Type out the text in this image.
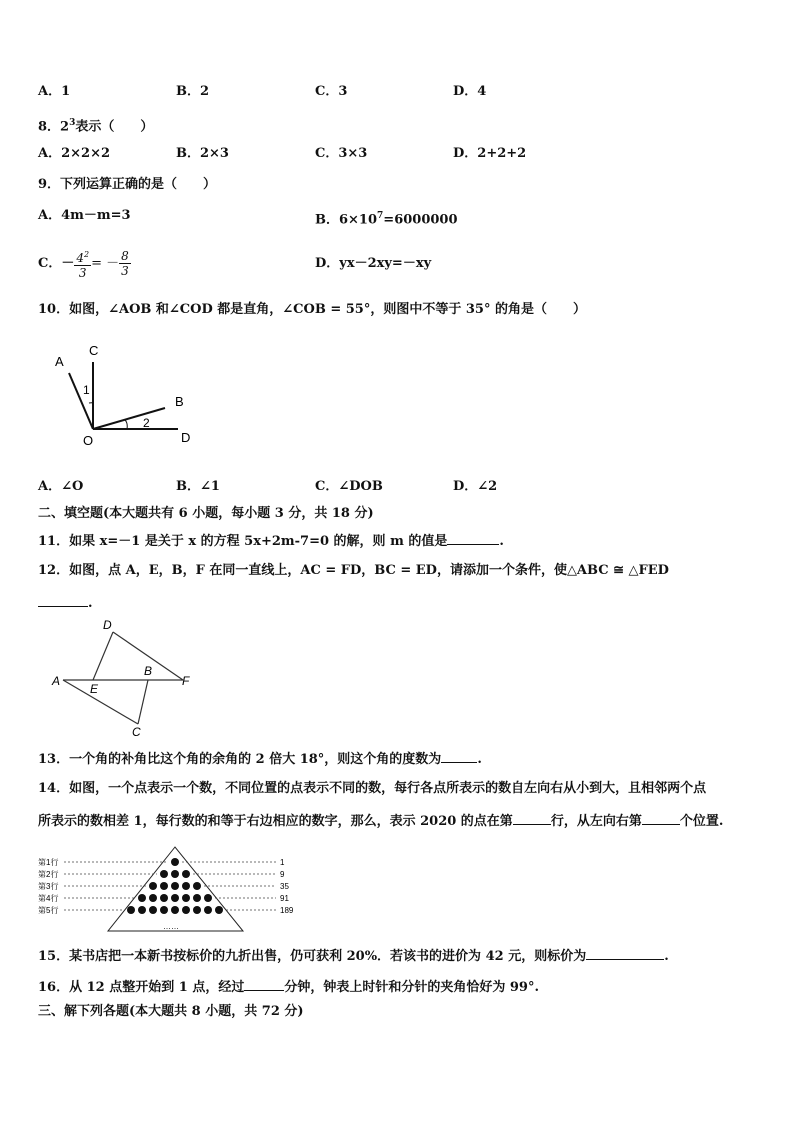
A．1	B．2	C．3	D．4
8．$2^3$表示（　　）
A．2×2×2	B．2×3	C．3×3	D．2+2+2
9．下列运算正确的是（　　）
A．4m－m=3	B．$6\times 10^7=6000000$
C．－ $\frac{4^2}{3}$ = － $\frac{8}{3}$	D．yx－2xy=－xy
10．如图，∠AOB 和∠COD 都是直角，∠COB = 55°，则图中不等于 35° 的角是（　　）
A
C
B
O	D
1
2
A．∠O	B．∠1	C．∠DOB	D．∠2
二、填空题(本大题共有 6 小题，每小题 3 分，共 18 分)
11．如果 x=－1 是关于 x 的方程 5x+2m-7=0 的解，则 m 的值是	.
12．如图，点 A，E，B，F 在同一直线上，AC = FD，BC = ED，请添加一个条件，使△ABC ≅ △FED
.
D
A
E
B
F
C
13．一个角的补角比这个角的余角的 2 倍大 18°，则这个角的度数为	.
14．如图，一个点表示一个数，不同位置的点表示不同的数，每行各点所表示的数自左向右从小到大，且相邻两个点
所表示的数相差 1，每行数的和等于右边相应的数字，那么，表示 2020 的点在第	行，从左向右第	个位置.
第1行	1
第2行	9
第3行	35
第4行	91
第5行	189
……
15．某书店把一本新书按标价的九折出售，仍可获利 20%．若该书的进价为 42 元，则标价为	.
16．从 12 点整开始到 1 点，经过	分钟，钟表上时针和分针的夹角恰好为 99°.
三、解下列各题(本大题共 8 小题，共 72 分)
